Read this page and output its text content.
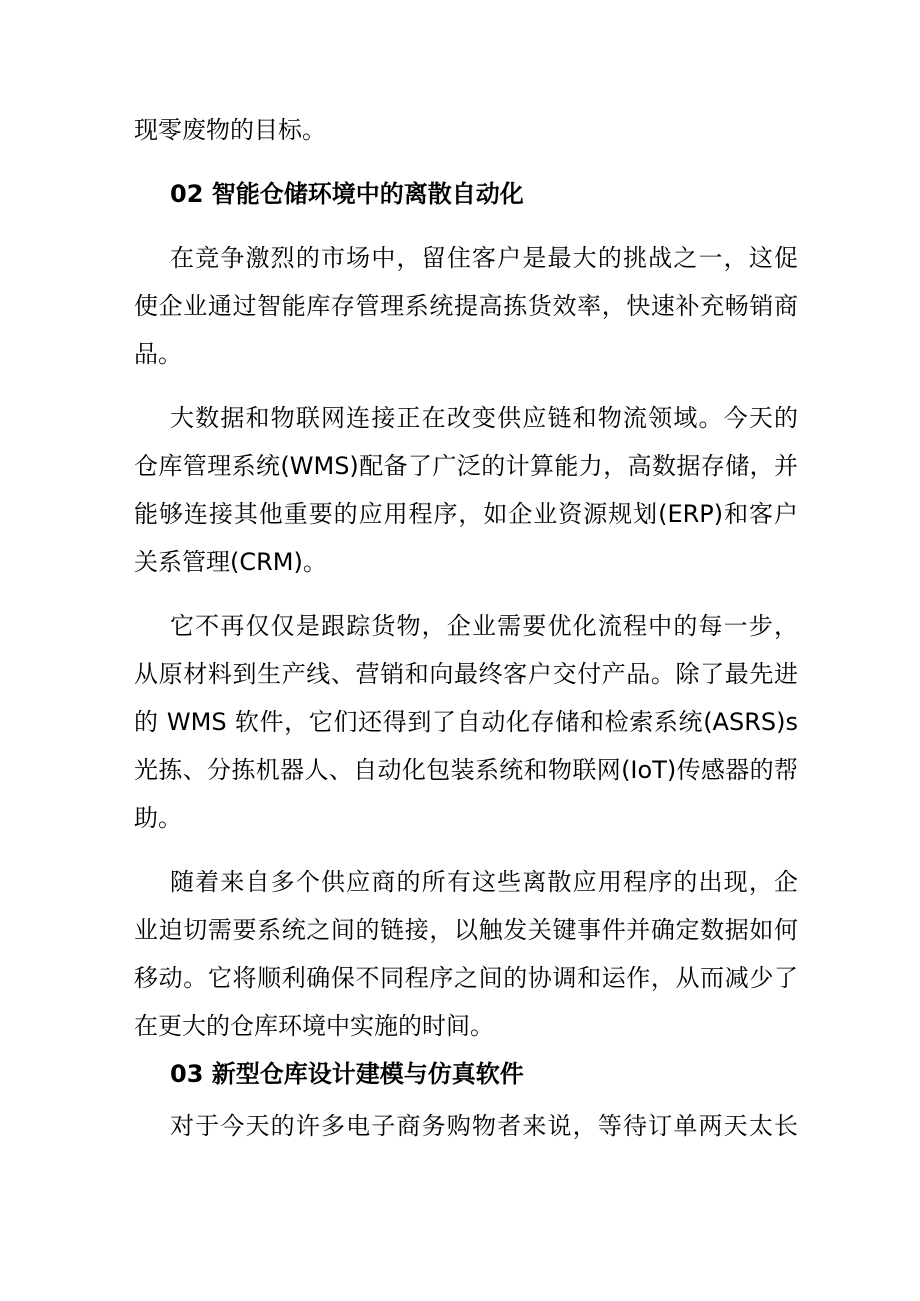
现零废物的目标。
02 智能仓储环境中的离散自动化
在竞争激烈的市场中，留住客户是最大的挑战之一，这促
使企业通过智能库存管理系统提高拣货效率，快速补充畅销商
品。
大数据和物联网连接正在改变供应链和物流领域。今天的
仓库管理系统(WMS)配备了广泛的计算能力，高数据存储，并
能够连接其他重要的应用程序，如企业资源规划(ERP)和客户
关系管理(CRM)。
它不再仅仅是跟踪货物，企业需要优化流程中的每一步，
从原材料到生产线、营销和向最终客户交付产品。除了最先进
的 WMS 软件，它们还得到了自动化存储和检索系统(ASRS)s
光拣、分拣机器人、自动化包装系统和物联网(IoT)传感器的帮
助。
随着来自多个供应商的所有这些离散应用程序的出现，企
业迫切需要系统之间的链接，以触发关键事件并确定数据如何
移动。它将顺利确保不同程序之间的协调和运作，从而减少了
在更大的仓库环境中实施的时间。
03 新型仓库设计建模与仿真软件
对于今天的许多电子商务购物者来说，等待订单两天太长
